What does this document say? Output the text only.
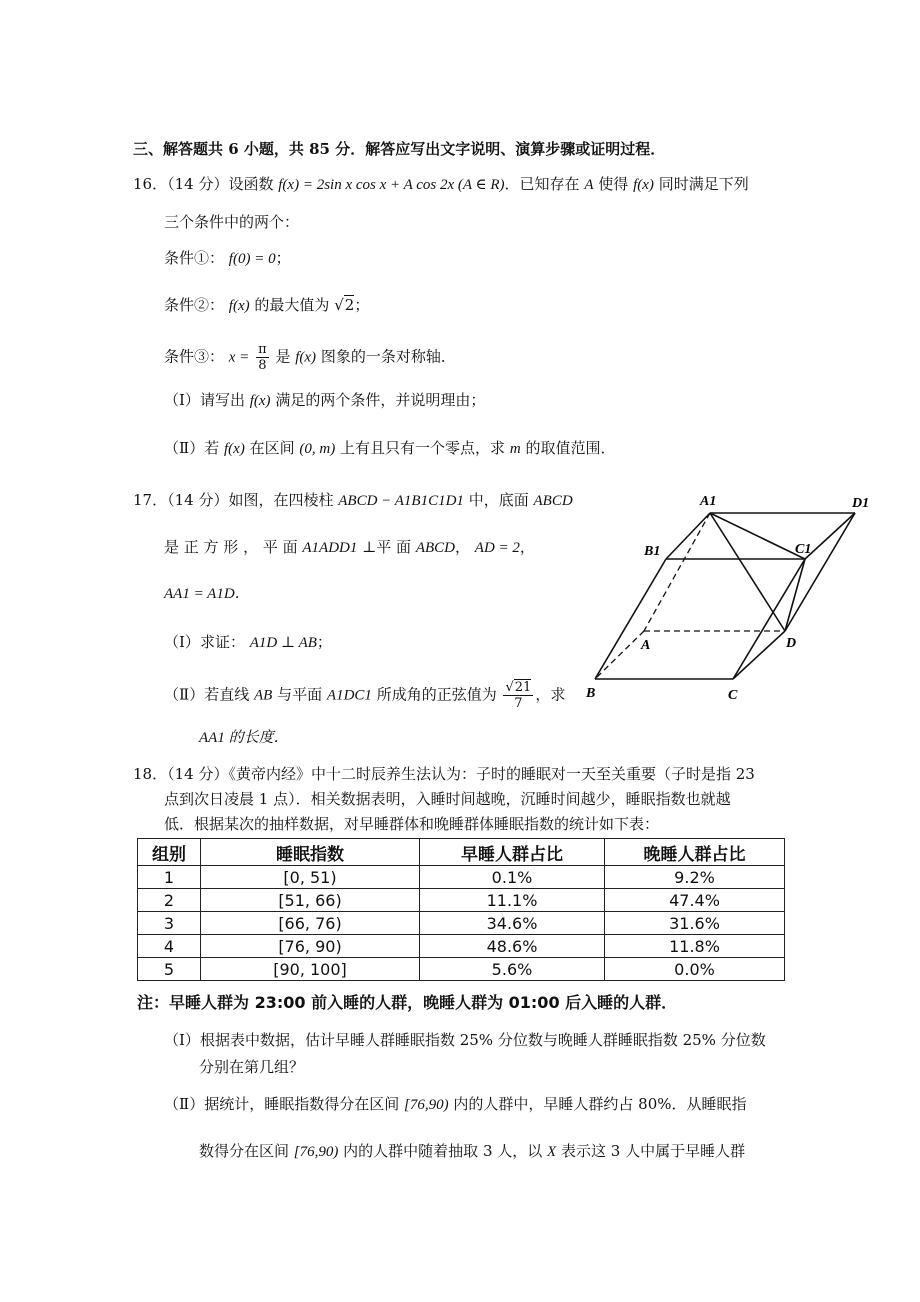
三、解答题共 6 小题，共 85 分．解答应写出文字说明、演算步骤或证明过程．
16．（14 分）设函数 f(x) = 2sin x cos x + A cos 2x (A ∈ R)．已知存在 A 使得 f(x) 同时满足下列
三个条件中的两个：
条件①： f(0) = 0；
条件②： f(x) 的最大值为 √2；
条件③： $x = \frac{\pi}{8}$ 是 f(x) 图象的一条对称轴．
（Ⅰ）请写出 f(x) 满足的两个条件，并说明理由；
（Ⅱ）若 f(x) 在区间 (0, m) 上有且只有一个零点，求 m 的取值范围．
17．（14 分）如图，在四棱柱 ABCD − A1B1C1D1 中，底面 ABCD
是 正 方 形 ， 平 面 A1ADD1 ⊥平 面 ABCD， AD = 2，
AA1 = A1D．
（Ⅰ）求证： A1D ⊥ AB；
（Ⅱ）若直线 AB 与平面 A1DC1 所成角的正弦值为 $\frac{√21}{7}$ ，求
AA1 的长度．
A1	D1
B1	C1
A	D
B	C
18．（14 分）《黄帝内经》中十二时辰养生法认为：子时的睡眠对一天至关重要（子时是指 23
点到次日凌晨 1 点）．相关数据表明，入睡时间越晚，沉睡时间越少，睡眠指数也就越
低．根据某次的抽样数据，对早睡群体和晚睡群体睡眠指数的统计如下表：
组别	睡眠指数	早睡人群占比	晚睡人群占比
1	[0, 51)	0.1%	9.2%
2	[51, 66)	11.1%	47.4%
3	[66, 76)	34.6%	31.6%
4	[76, 90)	48.6%	11.8%
5	[90, 100]	5.6%	0.0%
注：早睡人群为 23:00 前入睡的人群，晚睡人群为 01:00 后入睡的人群．
（Ⅰ）根据表中数据，估计早睡人群睡眠指数 25% 分位数与晚睡人群睡眠指数 25% 分位数
分别在第几组？
（Ⅱ）据统计，睡眠指数得分在区间 [76,90) 内的人群中，早睡人群约占 80%．从睡眠指
数得分在区间 [76,90) 内的人群中随着抽取 3 人，以 X 表示这 3 人中属于早睡人群
